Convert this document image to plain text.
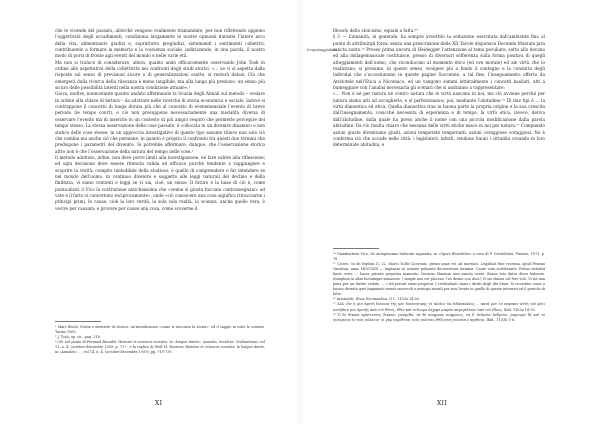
che le vicende del passato, allorché vengono realmente tramandate, per non riflettendo appieno l’oggettività degli accadimenti, condiziona largamente le nostre opinioni durante l’intero arco della vita, alimentando giudizi e, soprattutto pregiudizi, sistemandi i sentimenti collettivi, contribuendo a formare la memoria e la coscienza sociale, indirizzando, in una parola, il nostro modo di porsi di fronte agli eventi del mondo e nelle varie età.

Ma non si traluce di considerare, allora, quanto andò efficacemente osservando John Tosh in ordine alle aspettative della collettività nei confronti degli studi storici: «… se ci si aspetta dalle risposte sul senso di previsioni sicure o di generalizzazioni esatte, si resterà delusi. Ciò che emergerà dalla ricerca della rilevanza è meno tangibile, ma alla lunga più prezioso: un senso più sicuro delle possibilità latenti nella nostra condizione attuale».¹

Giova, inoltre, nonnostante quanto andato affermando la Scuola degli Annali sul metodo – svelare in ordine alla chiave di lettura – da adottare nelle ricerche di storia economica e sociale, ladove si contrappone il concetto di lunga durata più che al concetto di evenemenziale l’evento di breve periodo (le temps court), e ciò non presuppone necessariamente una modalità diversa di osservare l’evento ma di inserirlo in un contesto di più ampio respiro che permette percepire del tempo stesso. La stessa osservazione delle cose passate, è collocata in un divenire dinamico e non statico delle cose stesse; in un approccio investigativo di questo tipo assume rilievo non solo ciò che cambia ma anche ciò che permane, in quanto è proprio il confronto tra questi due termini che predispone i parametri del divenire. Si potrebbe affermare, dunque, che l’osservazione storica altro non è che l’osservazione della natura del tempo nelle cose.²

Il metodo adottato, infine, non deve porre limiti alla investigazione, né fare subire alla riflessione; ed ogni decisione deve essere ritenuta valida ed efficace purché tendente a raggiungere e scoprire la verità: compito ineludibile della studioso, è quello di comprendere e far intendere se nel mondo dell’uomo, in continuo divenire e soggetto alle leggi naturali del declino e della finitezza, vi siano contenti e leggi se vi sia, cioè, un senso. Il futuro e la base di ciò è, come puntualizzò il Vico la costruzione anticheissima che «venne si giusta facciata contrassegnano: ad vate e il fatto si convertono reciprocamente», onde «ciò conoscere una cosa significa ritracciarne i principi primi, le cause, cioè la loro verità, la sola sola realtà, la scienza, anche quello vera, è vecire per causam; e provare per cause una cosa, come scoverne il

¹ Marc Bloch, Storia e mestiere di storico: un’introduzione «come si racconta la storia»: ed il saggio in tutte le scienze, Torino 1962.

² J. Tosh, op. cit., pag. 218.

³ Cfr. nel punto di Fernand Braudel, Histoire et sciences sociales. la «longue durée». Annales, Sociétés, Civilisations» vol 13, n. 4, (octobre-décembre 1958, p. 72? ; e la replica di Wolf M. Boerner, Histoire et sciences sociales: la longue durée, in «Annales» ...; vol 14, n. 4, (octobre-décembre 1959), pp. 719-739.

XI
L’equipaggiolato

filosofo dello stoicismo, equale a fatta.¹⁴

§ 3 — L’umanità, in generale, ha sempre avvertito la seduzione esercitata dall’ambiente fino al punto di attribuirgli forza: senza una prescrizione delle XII Tavole disponeva Docemm Manium jura sancta sunto.¹⁵ Presso prima ancora di Heidegger l’attenzione al tema peculiare, sotto allo decano ed alla dollagemusicale costituisce, presso di diversori sofferenza sulla forma positiva di quegli atteggiamenti dell’uomo, che riconducono al momento etico (ed ove morale) ed ale virtù che lo realizzano; si presume, in questo senso, svolgere più a fondo il contegno e la condotta degli individui che s’accostumano in queste pagine Succenne, a tal fine, l’inseguamento offerto da Aristotele nell’Etica a Nicomaco, ed un vangono summi letteralmente i concetti basilari, atti a bumeggiare con l’analisi necessaria gli scenari che si andranno a rappresentare:

«… Non è né per natura né contro natura che le virtù nascono in noi, ma ciò avviene perché per natura siamo atti ad accoglierle, e si perfezionanos, poi, mediante l’abitudine.¹⁶ Di due tipi è … la virtù dianoetica ed etica. Quella dianoetica trae in buona parte la propria origine e la sua crescita dall’insegnamento, cosicché necessita di esperienza e di tempo; la virtù etica, invece, deriva dall’abitudine, dalla quale ha preso anche il nome con una piccola modificazione dalla parola abitudine. Da ciò risulta chiaro che nessuna delle virtù etiche nasce in noi per natura.¹⁷ Compiendo azioni giuste diventiamo giusti, azioni temperate temperanti, azioni coraggiose coraggiosi. Ne è conferma ciò che accade nelle città: i legislatori, infatti, rendono buoni i cittadini creando in loro determinate abitudini, e

¹⁴ Giambattista Vico, De antiquissima Italorum sapientia, in «Opere filosofiche» a cura di P. Cristofolini, Firenze, 1971, p. 76.

¹⁵ Cicero, In de legibus II, 22. Marci Tullii Ciceronis, pietas quae est ad mortuos. Legalisat fine recensa, apud Fenean Varaloan, anno MDCCXIX — Impianto su aziente pulsante decemvirum termine. Caute vota scelebrante. Pietas visitabit horis certe … Sacra privata perpetua manento. Deorum Manium iura sancta sunto. Bonos leto datos divos habento. Sumptum in ollas luctumque minuunto. ( simple non est placeas: l’us divino con dost.) Vi sia stanza cul fere volt. Vi sia una pena per un diritto violato. … i riti privati siano perpetui. I rivisitalanti siano i diritti degli dèi Mani. Si ricordino come a buona divinità quei Impumati vissuti onorevoli e principi morali per sino levate in quello di queste interessi ed il periodo di lutto.

¹⁶ Aristotele, Etica Nicomachea, II 1, 1103a 24-26.

¹⁷ Ἀλλ οὖν ἡ μὲν ἀρετή διάνοια τῆς μέν διανοητικής τό πλεῖον ἐκ διδασκαλίας ... κατά μου ἑν πέφυκεν αὐτή τοῦ φύει συνήθειᾳ μὲν ἀρετῆς ἀπό τοῦ ἔθους, ὅθεν καὶ τοὔνομα ἔσχηκε μικρόν παρεγκλίνον ἀπό τοῦ ἔθους. Ibid. 1103a 14-19.

¹⁸ Ὁ δὲ δίκαια πράττοντες δίκαιοι γινόμεθα, τά δέ σώφρονα σώφρονες, τά δ’ ἀνδρεῖα ἀνδρεῖοι. μαρτυρεῖ δέ καί τό γινόμενον ἐν ταῖς πόλεσιν· οἱ γάρ νομοθέται τούς πολίτας ἐθίζοντες ποιοῦσιν ἀγαθούς. Ibid., 1103b 1-6.

XII
